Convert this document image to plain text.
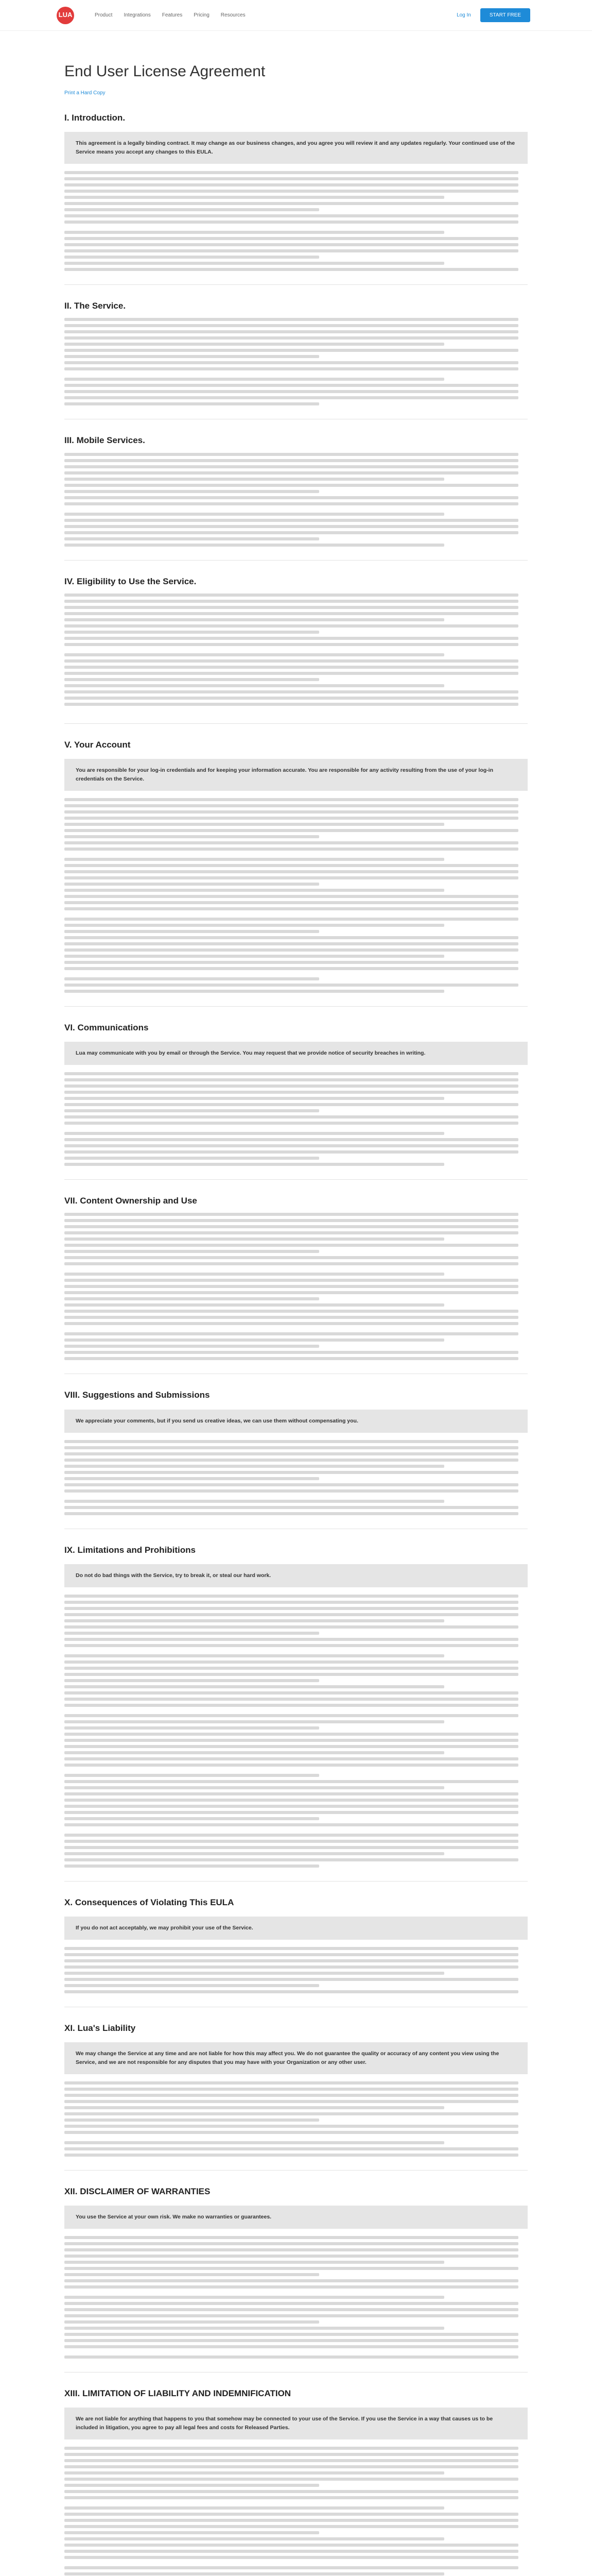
LUA	Product Integrations Features Pricing Resources	Log In	START FREE
End User License Agreement
Print a Hard Copy
I. Introduction.
This agreement is a legally binding contract. It may change as our business changes, and you agree you will review it and any updates regularly. Your continued use of the Service means you accept any changes to this EULA.
II. The Service.
III. Mobile Services.
IV. Eligibility to Use the Service.
V. Your Account
You are responsible for your log-in credentials and for keeping your information accurate. You are responsible for any activity resulting from the use of your log-in credentials on the Service.
VI. Communications
Lua may communicate with you by email or through the Service. You may request that we provide notice of security breaches in writing.
VII. Content Ownership and Use
VIII. Suggestions and Submissions
We appreciate your comments, but if you send us creative ideas, we can use them without compensating you.
IX. Limitations and Prohibitions
Do not do bad things with the Service, try to break it, or steal our hard work.
X. Consequences of Violating This EULA
If you do not act acceptably, we may prohibit your use of the Service.
XI. Lua's Liability
We may change the Service at any time and are not liable for how this may affect you. We do not guarantee the quality or accuracy of any content you view using the Service, and we are not responsible for any disputes that you may have with your Organization or any other user.
XII. DISCLAIMER OF WARRANTIES
You use the Service at your own risk. We make no warranties or guarantees.
XIII. LIMITATION OF LIABILITY AND INDEMNIFICATION
We are not liable for anything that happens to you that somehow may be connected to your use of the Service. If you use the Service in a way that causes us to be included in litigation, you agree to pay all legal fees and costs for Released Parties.
